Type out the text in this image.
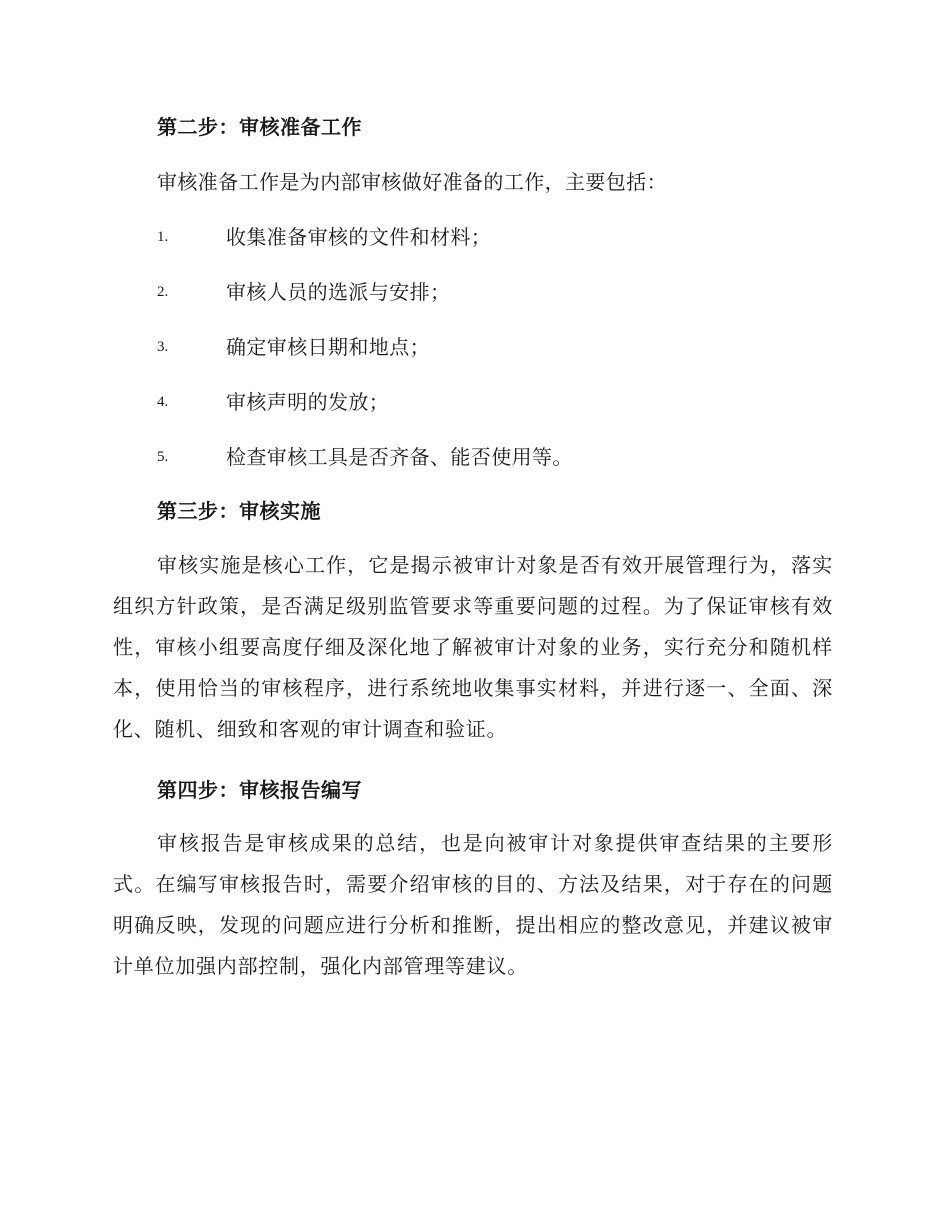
第二步：审核准备工作
审核准备工作是为内部审核做好准备的工作，主要包括：
1.	收集准备审核的文件和材料；
2.	审核人员的选派与安排；
3.	确定审核日期和地点；
4.	审核声明的发放；
5.	检查审核工具是否齐备、能否使用等。
第三步：审核实施
审核实施是核心工作，它是揭示被审计对象是否有效开展管理行为，落实组织方针政策，是否满足级别监管要求等重要问题的过程。为了保证审核有效性，审核小组要高度仔细及深化地了解被审计对象的业务，实行充分和随机样本，使用恰当的审核程序，进行系统地收集事实材料，并进行逐一、全面、深化、随机、细致和客观的审计调查和验证。
第四步：审核报告编写
审核报告是审核成果的总结，也是向被审计对象提供审查结果的主要形式。在编写审核报告时，需要介绍审核的目的、方法及结果，对于存在的问题明确反映，发现的问题应进行分析和推断，提出相应的整改意见，并建议被审计单位加强内部控制，强化内部管理等建议。
